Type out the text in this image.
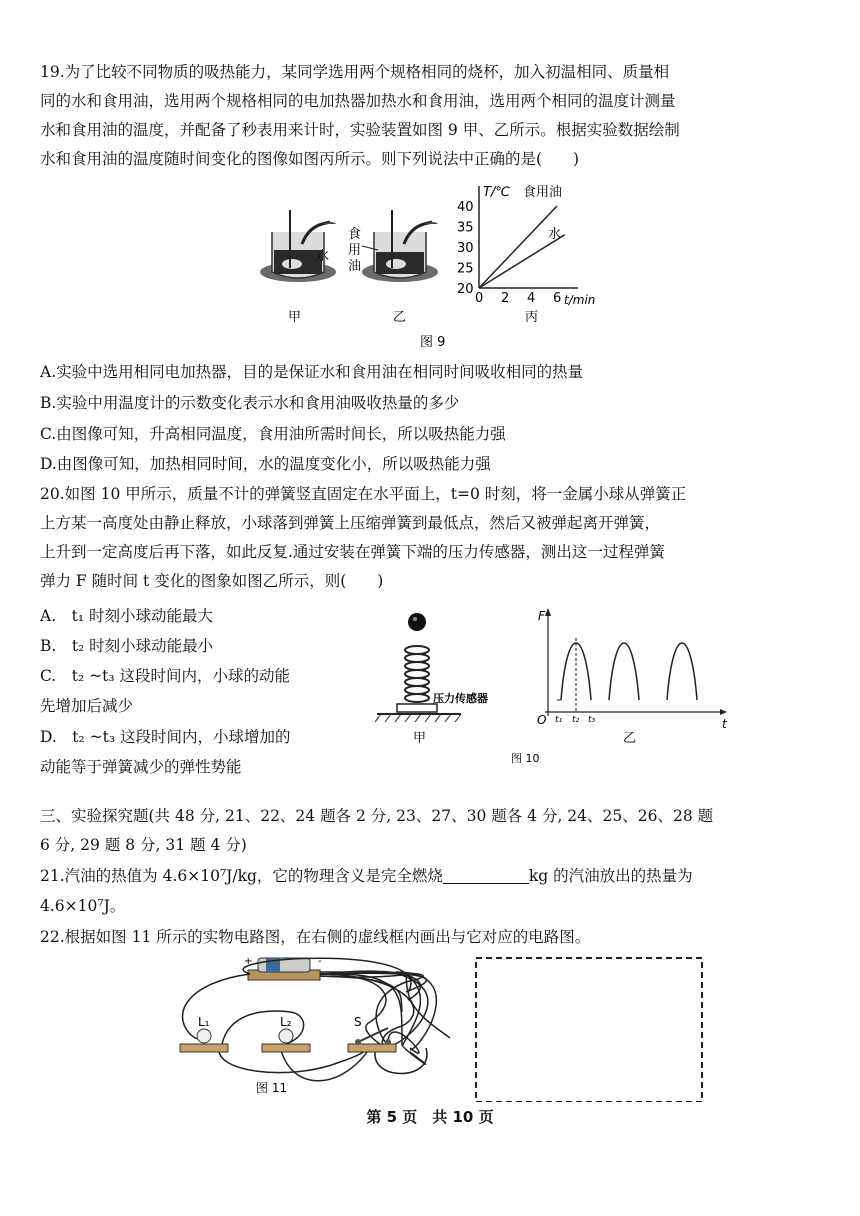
19.为了比较不同物质的吸热能力，某同学选用两个规格相同的烧杯，加入初温相同、质量相
同的水和食用油，选用两个规格相同的电加热器加热水和食用油，选用两个相同的温度计测量
水和食用油的温度，并配备了秒表用来计时，实验装置如图 9 甲、乙所示。根据实验数据绘制
水和食用油的温度随时间变化的图像如图丙所示。则下列说法中正确的是(　　)
水
食
用
油
0 2 4 6
20
25
30
35
40
T/℃
t/min
食用油
水
甲	乙	丙
图 9
A.实验中选用相同电加热器，目的是保证水和食用油在相同时间吸收相同的热量
B.实验中用温度计的示数变化表示水和食用油吸收热量的多少
C.由图像可知，升高相同温度，食用油所需时间长，所以吸热能力强
D.由图像可知，加热相同时间，水的温度变化小，所以吸热能力强
20.如图 10 甲所示，质量不计的弹簧竖直固定在水平面上，t=0 时刻，将一金属小球从弹簧正
上方某一高度处由静止释放，小球落到弹簧上压缩弹簧到最低点，然后又被弹起离开弹簧，
上升到一定高度后再下落，如此反复.通过安装在弹簧下端的压力传感器，测出这一过程弹簧
弹力 F 随时间 t 变化的图象如图乙所示，则(　　)
A.　t₁ 时刻小球动能最大
B.　t₂ 时刻小球动能最小
C.　t₂ ~t₃ 这段时间内，小球的动能
先增加后减少
D.　t₂ ~t₃ 这段时间内，小球增加的
动能等于弹簧减少的弹性势能
压力传感器
甲
F
t
O t₁ t₂ t₃
乙
图 10
三、实验探究题(共 48 分, 21、22、24 题各 2 分, 23、27、30 题各 4 分, 24、25、26、28 题
6 分, 29 题 8 分, 31 题 4 分)
21.汽油的热值为 4.6×10⁷J/kg，它的物理含义是完全燃烧	kg 的汽油放出的热量为
4.6×10⁷J。
22.根据如图 11 所示的实物电路图，在右侧的虚线框内画出与它对应的电路图。
+	-
L₁	L₂	S
图 11
第 5 页　共 10 页
